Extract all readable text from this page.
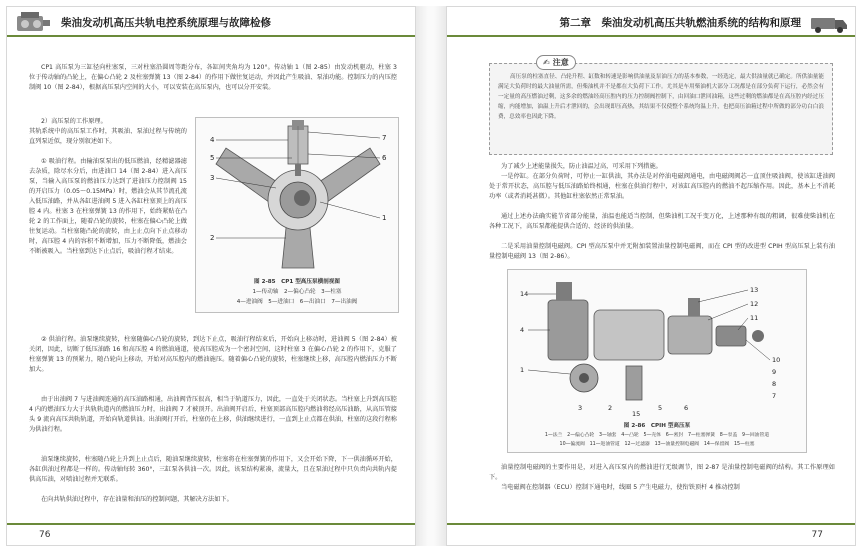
柴油发动机高压共轨电控系统原理与故障检修
CP1 高压泵为三缸径向柱塞泵，三对柱塞沿圆周等距分布，各缸间夹角均为 120°。传动轴 1（图 2-85）由发动机驱动，柱塞 3 位于传动轴的凸轮上，在偏心凸轮 2 及柱塞弹簧 13（图 2-84）的作用下做往复运动，并因此产生吸油、泵油功能。控制压力的内压控制阀 10（图 2-84），根据高压泵内空间的大小，可以安装在高压泵内，也可以分开安装。
2）高压泵的工作原理。
其轨系统中的高压泵工作时，其吸油、泵油过程与传统的直列泵近似，现分别叙述如下。
① 吸油行程。由输油泵泵出的低压燃油，经精滤器滤去杂质，除尽水分后，由进油口 14（图 2-84）进入高压泵，当输入高压泵的燃油压力达到了进油压力控制阀 15 的开启压力（0.05～0.15MPa）时，燃油会从其节流孔流入低压油路，并从各缸进油阀 5 进入各缸柱塞顶上的高压腔 4 内。柱塞 3 在柱塞弹簧 13 的作用下，始终紧贴在凸轮 2 的工作面上，随着凸轮的旋转，柱塞在偏心凸轮上做往复运动。当柱塞随凸轮的旋转，由上止点向下止点移动时，高压腔 4 内的容积不断增加，压力不断降低，燃油会不断被吸入。当柱塞到达下止点后，吸油行程才结束。
4
5
3
2
7
6
1
图 2-85　CP1 型高压泵横剖视图
1—传动轴　2—偏心凸轮　3—柱塞
4—进油阀　5—进油口　6—出油口　7—出油阀
② 供油行程。油泵继续旋转，柱塞随偏心凸轮的旋转，到达下止点，吸油行程结束后，开始向上移动时，进油阀 5（图 2-84）被关闭，因此，切断了低压油路 16 和高压腔 4 的燃油通道，使高压腔成为一个密封空间，这时柱塞 3 在偏心凸轮 2 的作用下，克服了柱塞弹簧 13 的预紧力，随凸轮向上移动，开始对高压腔内的燃油施压。随着偏心凸轮的旋转，柱塞继续上移，高压腔内燃油压力不断加大。
由于出油阀 7 与进油阀连通的高压油路相通，出油阀背压很高，相当于轨道压力，因此，一直处于关闭状态。当柱塞上升到高压腔 4 内的燃油压力大于共轨轨道内的燃油压力时，出油阀 7 才被顶开。出油阀开启后，柱塞顶部高压腔内燃油将经高压油路，从高压管接头 9 流向高压共轨轨道，开始向轨道供油。出油阀打开后，柱塞仍在上移，供油继续进行，一直到上止点都在供油，柱塞的这段行程称为供油行程。
油泵继续旋转，柱塞随凸轮上升到上止点后，随油泵继续旋转，柱塞将在柱塞弹簧的作用下，又会开始下降，下一供油循环开始，各缸供油过程都是一样的。传动轴每转 360°，三缸泵各供油一次。因此，该泵结构紧凑，流量大，且在泵油过程中只负责向共轨内提供高压油，对喷油过程并无联系。
在向共轨供油过程中，存在油量和油压的控制问题，其解决方法如下。
76
第二章　柴油发动机高压共轨燃油系统的结构和原理
✍ 注意
高压泵的柱塞直径、凸轮升程、缸数和转速是影响供油量及泵油压力的基本参数，一经选定，最大供油量就已确定。所供油量能满足大负荷时的最大油量所需，但柴油机并不是都在大负荷下工作。尤其是车用柴油机大部分工况都是在部分负荷下运行，必然会有一定量的高压燃油过剩，这多余的燃油经高压腔内的压力控制阀控制下，由回油口泄回油箱，这些过剩的燃油都是在高压腔内经过压缩，内能增加，油温上升后才泄回的，会出现即压高热，其结果不仅使整个系统均温上升，也把高压油箱过程中所做的部分功白白浪费，总效率也因此下降。
为了减少上述能量损失，防止油温过高，可采用下列措施。
一是停缸。在部分负荷时，可停止一缸供油，其办法是对停油电磁阀通电，由电磁阀阀芯一直顶住吸油阀，使该缸进油阀处于常开状态，高压腔与低压油路始终相通，柱塞在供油行程中，对该缸高压腔内的燃油不起压缩作用。因此，基本上不消耗功率（或者消耗甚微）。其他缸柱塞依然正常泵油。
通过上述办法确实能节省部分能量，油温也能适当控制，但柴油机工况千变万化，上述那种有级的粗调，很难使柴油机在各种工况下，高压泵都能提供合适的、经济的供油量。
二是采用油量控制电磁阀。CPI 型高压泵中并无附加装置油量控制电磁阀，而在 CPI 型的改进型 CPIH 型高压泵上装有油量控制电磁阀 13（图 2-86）。
14
4
1
13
12
11
10
9
8
7
5
2
15
3	6
图 2-86　CPIH 型高压泵
1—法兰　2—偏心凸轮　3—轴套　4—凸轮　5—壳体　6—密封　7—柱塞弹簧　8—泵盖　9—回油管道
10—偏流阀　11—进油管道　12—过滤器　13—油量控制电磁阀　14—保留阀　15—柱塞
油量控制电磁阀的主要作用是，对进入高压泵内的燃油进行无级调节，图 2-87 是油量控制电磁阀的结构。其工作原理如下。
当电磁阀在控制器（ECU）控制下通电时，线圈 5 产生电磁力，使衔铁顶杆 4 推动控制
77
